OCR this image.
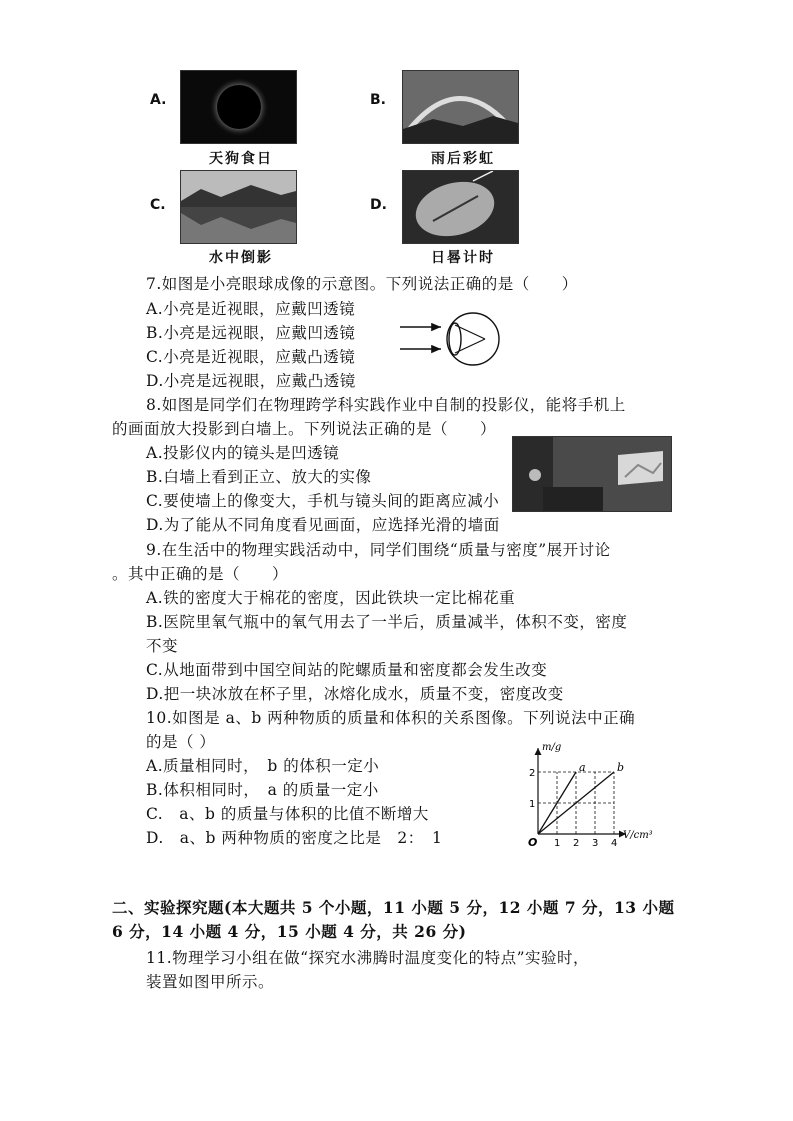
A.
天狗食日
B.
雨后彩虹
C.
水中倒影
D.
日晷计时
7.如图是小亮眼球成像的示意图。下列说法正确的是（　　）
A.小亮是近视眼，应戴凹透镜
B.小亮是远视眼，应戴凹透镜
C.小亮是近视眼，应戴凸透镜
D.小亮是远视眼，应戴凸透镜
8.如图是同学们在物理跨学科实践作业中自制的投影仪，能将手机上
的画面放大投影到白墙上。下列说法正确的是（　　）
A.投影仪内的镜头是凹透镜
B.白墙上看到正立、放大的实像
C.要使墙上的像变大，手机与镜头间的距离应减小
D.为了能从不同角度看见画面，应选择光滑的墙面
9.在生活中的物理实践活动中，同学们围绕“质量与密度”展开讨论
。其中正确的是（　　）
A.铁的密度大于棉花的密度，因此铁块一定比棉花重
B.医院里氧气瓶中的氧气用去了一半后，质量减半，体积不变，密度
不变
C.从地面带到中国空间站的陀螺质量和密度都会发生改变
D.把一块冰放在杯子里，冰熔化成水，质量不变，密度改变
10.如图是 a、b 两种物质的质量和体积的关系图像。下列说法中正确
的是（ ）
A.质量相同时，　b 的体积一定小
B.体积相同时，　a 的质量一定小
C.　a、b 的质量与体积的比值不断增大
D.　a、b 两种物质的密度之比是　2：　1
a	b
1
2
1 2 3 4
m/g
V/cm³
O
二、实验探究题(本大题共 5 个小题，11 小题 5 分，12 小题 7 分，13 小题
6 分，14 小题 4 分，15 小题 4 分，共 26 分)
11.物理学习小组在做“探究水沸腾时温度变化的特点”实验时，
装置如图甲所示。
